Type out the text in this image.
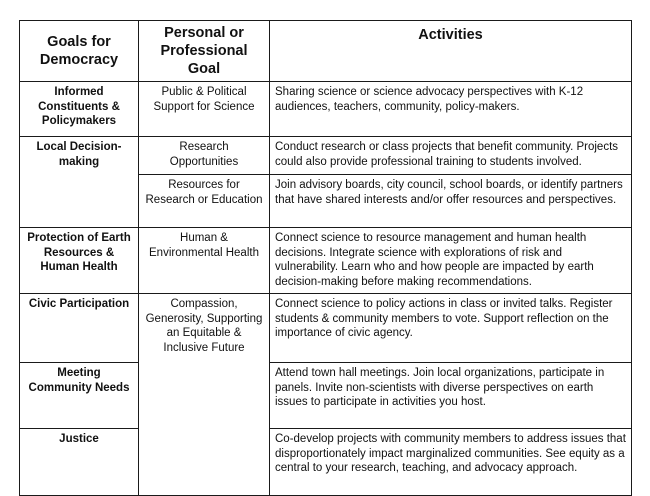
Goals for Democracy	Personal or Professional Goal	Activities
Informed Constituents & Policymakers	Public & Political Support for Science	Sharing science or science advocacy perspectives with K-12 audiences, teachers, community, policy-makers.
Local Decision-making	Research Opportunities	Conduct research or class projects that benefit community. Projects could also provide professional training to students involved.
	Resources for Research or Education	Join advisory boards, city council, school boards, or identify partners that have shared interests and/or offer resources and perspectives.
Protection of Earth Resources & Human Health	Human & Environmental Health	Connect science to resource management and human health decisions. Integrate science with explorations of risk and vulnerability. Learn who and how people are impacted by earth decision-making before making recommendations.
Civic Participation	Compassion, Generosity, Supporting an Equitable & Inclusive Future	Connect science to policy actions in class or invited talks. Register students & community members to vote. Support reflection on the importance of civic agency.
Meeting Community Needs		Attend town hall meetings. Join local organizations, participate in panels. Invite non-scientists with diverse perspectives on earth issues to participate in activities you host.
Justice		Co-develop projects with community members to address issues that disproportionately impact marginalized communities. See equity as a central to your research, teaching, and advocacy approach.
